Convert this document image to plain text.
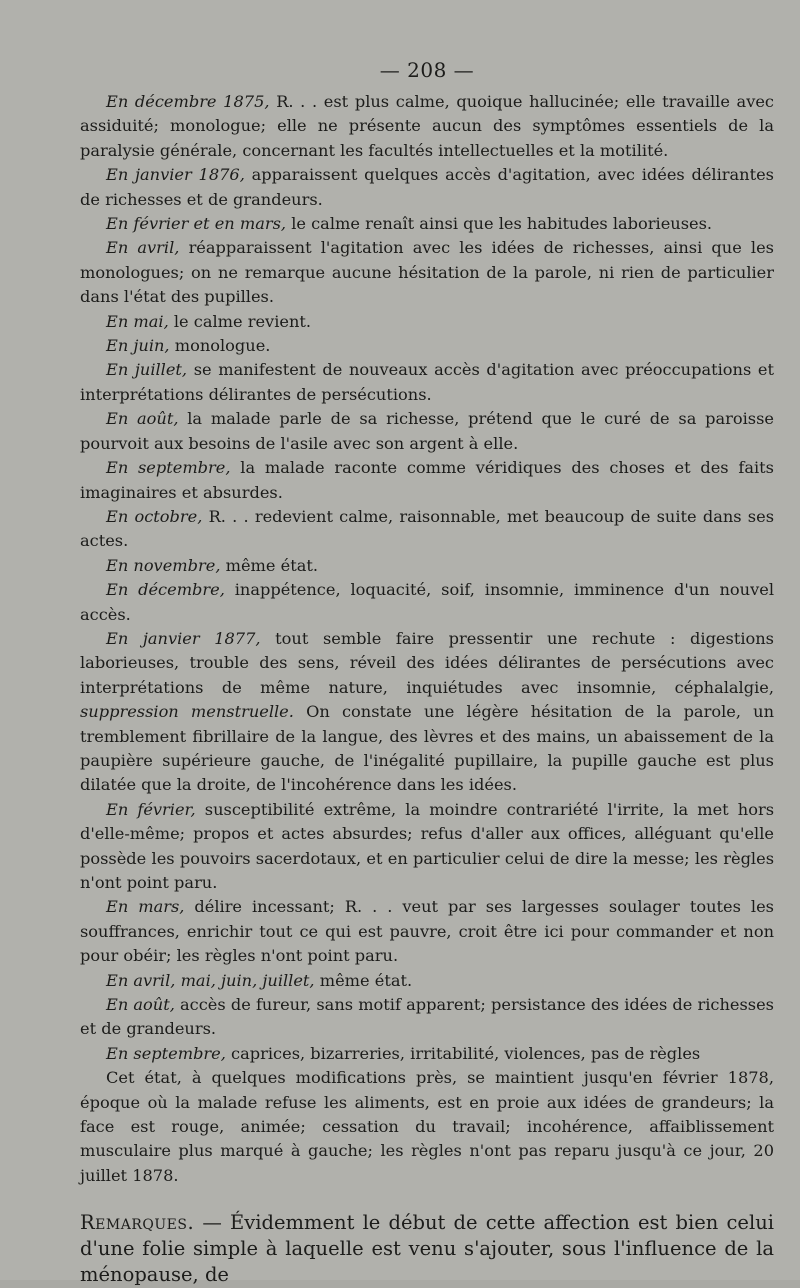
— 208 —

En décembre 1875, R. . . est plus calme, quoique hallucinée; elle travaille avec assiduité; monologue; elle ne présente aucun des symptômes essentiels de la paralysie générale, concernant les facultés intellectuelles et la motilité.

En janvier 1876, apparaissent quelques accès d'agitation, avec idées délirantes de richesses et de grandeurs.

En février et en mars, le calme renaît ainsi que les habitudes laborieuses.

En avril, réapparaissent l'agitation avec les idées de richesses, ainsi que les monologues; on ne remarque aucune hésitation de la parole, ni rien de particulier dans l'état des pupilles.

En mai, le calme revient.

En juin, monologue.

En juillet, se manifestent de nouveaux accès d'agitation avec préoccupations et interprétations délirantes de persécutions.

En août, la malade parle de sa richesse, prétend que le curé de sa paroisse pourvoit aux besoins de l'asile avec son argent à elle.

En septembre, la malade raconte comme véridiques des choses et des faits imaginaires et absurdes.

En octobre, R. . . redevient calme, raisonnable, met beaucoup de suite dans ses actes.

En novembre, même état.

En décembre, inappétence, loquacité, soif, insomnie, imminence d'un nouvel accès.

En janvier 1877, tout semble faire pressentir une rechute : digestions laborieuses, trouble des sens, réveil des idées délirantes de persécutions avec interprétations de même nature, inquiétudes avec insomnie, céphalalgie, suppression menstruelle. On constate une légère hésitation de la parole, un tremblement fibrillaire de la langue, des lèvres et des mains, un abaissement de la paupière supérieure gauche, de l'inégalité pupillaire, la pupille gauche est plus dilatée que la droite, de l'incohérence dans les idées.

En février, susceptibilité extrême, la moindre contrariété l'irrite, la met hors d'elle-même; propos et actes absurdes; refus d'aller aux offices, alléguant qu'elle possède les pouvoirs sacerdotaux, et en particulier celui de dire la messe; les règles n'ont point paru.

En mars, délire incessant; R. . . veut par ses largesses soulager toutes les souffrances, enrichir tout ce qui est pauvre, croit être ici pour commander et non pour obéir; les règles n'ont point paru.

En avril, mai, juin, juillet, même état.

En août, accès de fureur, sans motif apparent; persistance des idées de richesses et de grandeurs.

En septembre, caprices, bizarreries, irritabilité, violences, pas de règles

Cet état, à quelques modifications près, se maintient jusqu'en février 1878, époque où la malade refuse les aliments, est en proie aux idées de grandeurs; la face est rouge, animée; cessation du travail; incohérence, affaiblissement musculaire plus marqué à gauche; les règles n'ont pas reparu jusqu'à ce jour, 20 juillet 1878.

Remarques. — Évidemment le début de cette affection est bien celui d'une folie simple à laquelle est venu s'ajouter, sous l'influence de la ménopause, de
